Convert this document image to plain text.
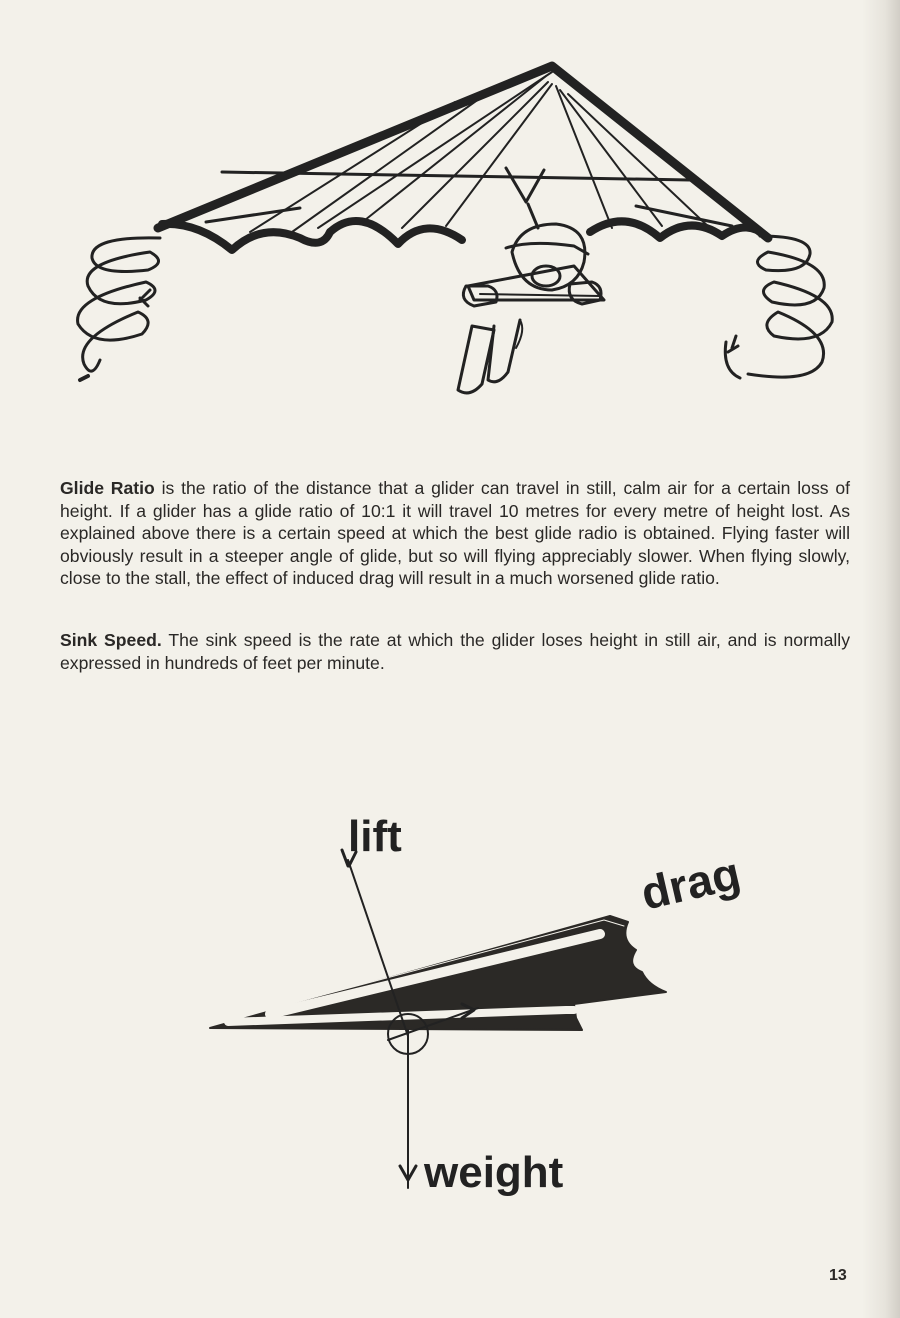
Glide Ratio is the ratio of the distance that a glider can travel in still, calm air for a certain loss of height. If a glider has a glide ratio of 10:1 it will travel 10 metres for every metre of height lost. As explained above there is a certain speed at which the best glide radio is obtained. Flying faster will obviously result in a steeper angle of glide, but so will flying appreciably slower. When flying slowly, close to the stall, the effect of induced drag will result in a much worsened glide ratio.

Sink Speed. The sink speed is the rate at which the glider loses height in still air, and is normally expressed in hundreds of feet per minute.

lift
drag
weight
13
